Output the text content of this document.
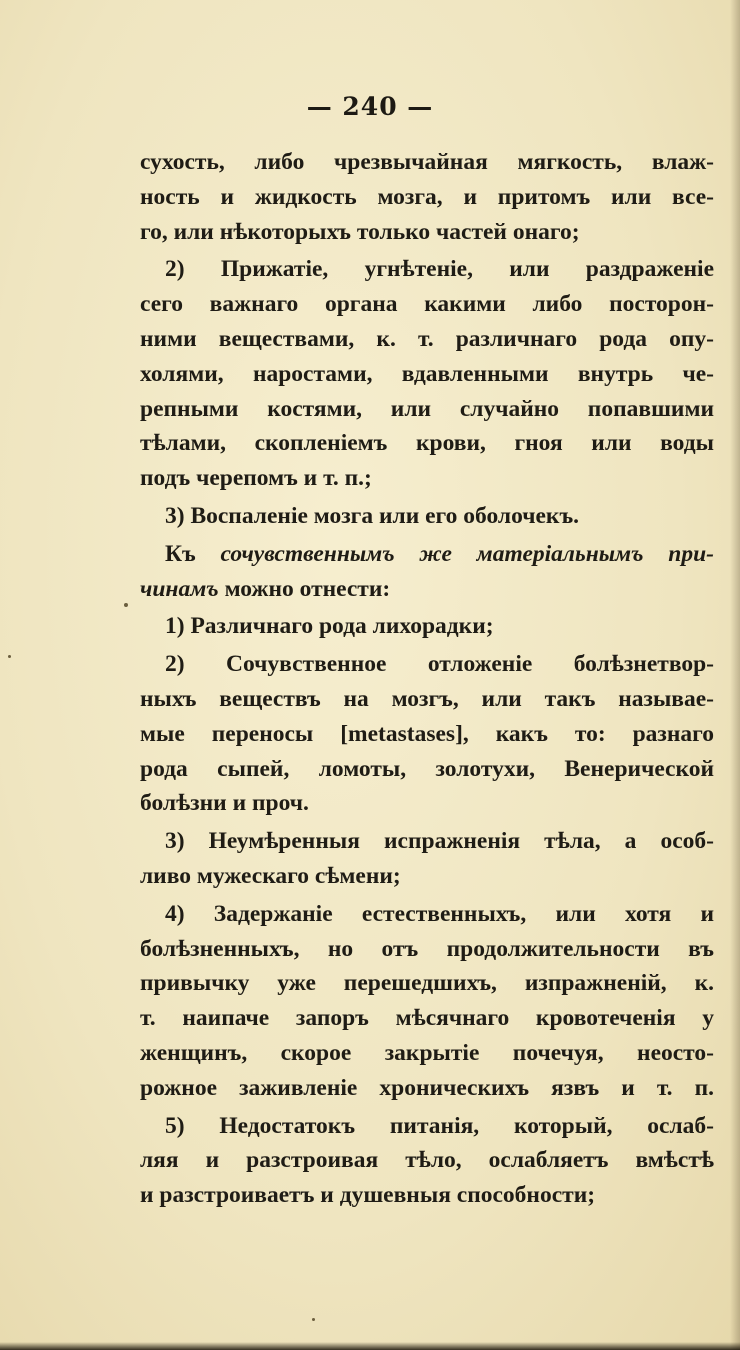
— 240 —
сухость, либо чрезвычайная мягкость, влаж-
ность и жидкость мозга, и притомъ или все-
го, или нѣкоторыхъ только частей онаго;
2) Прижатіе, угнѣтеніе, или раздраженіе
сего важнаго органа какими либо посторон-
ними веществами, к. т. различнаго рода опу-
холями, наростами, вдавленными внутрь че-
репными костями, или случайно попавшими
тѣлами, скопленіемъ крови, гноя или воды
подъ черепомъ и т. п.;
3) Воспаленіе мозга или его оболочекъ.
Къ сочувственнымъ же матеріальнымъ при-
чинамъ можно отнести:
1) Различнаго рода лихорадки;
2) Сочувственное отложеніе болѣзнетвор-
ныхъ веществъ на мозгъ, или такъ называе-
мые переносы [metastases], какъ то: разнаго
рода сыпей, ломоты, золотухи, Венерической
болѣзни и проч.
3) Неумѣренныя испражненія тѣла, а особ-
ливо мужескаго сѣмени;
4) Задержаніе естественныхъ, или хотя и
болѣзненныхъ, но отъ продолжительности въ
привычку уже перешедшихъ, изпражненій, к.
т. наипаче запоръ мѣсячнаго кровотеченія у
женщинъ, скорое закрытіе почечуя, неосто-
рожное заживленіе хроническихъ язвъ и т. п.
5) Недостатокъ питанія, который, ослаб-
ляя и разстроивая тѣло, ослабляетъ вмѣстѣ
и разстроиваетъ и душевныя способности;
